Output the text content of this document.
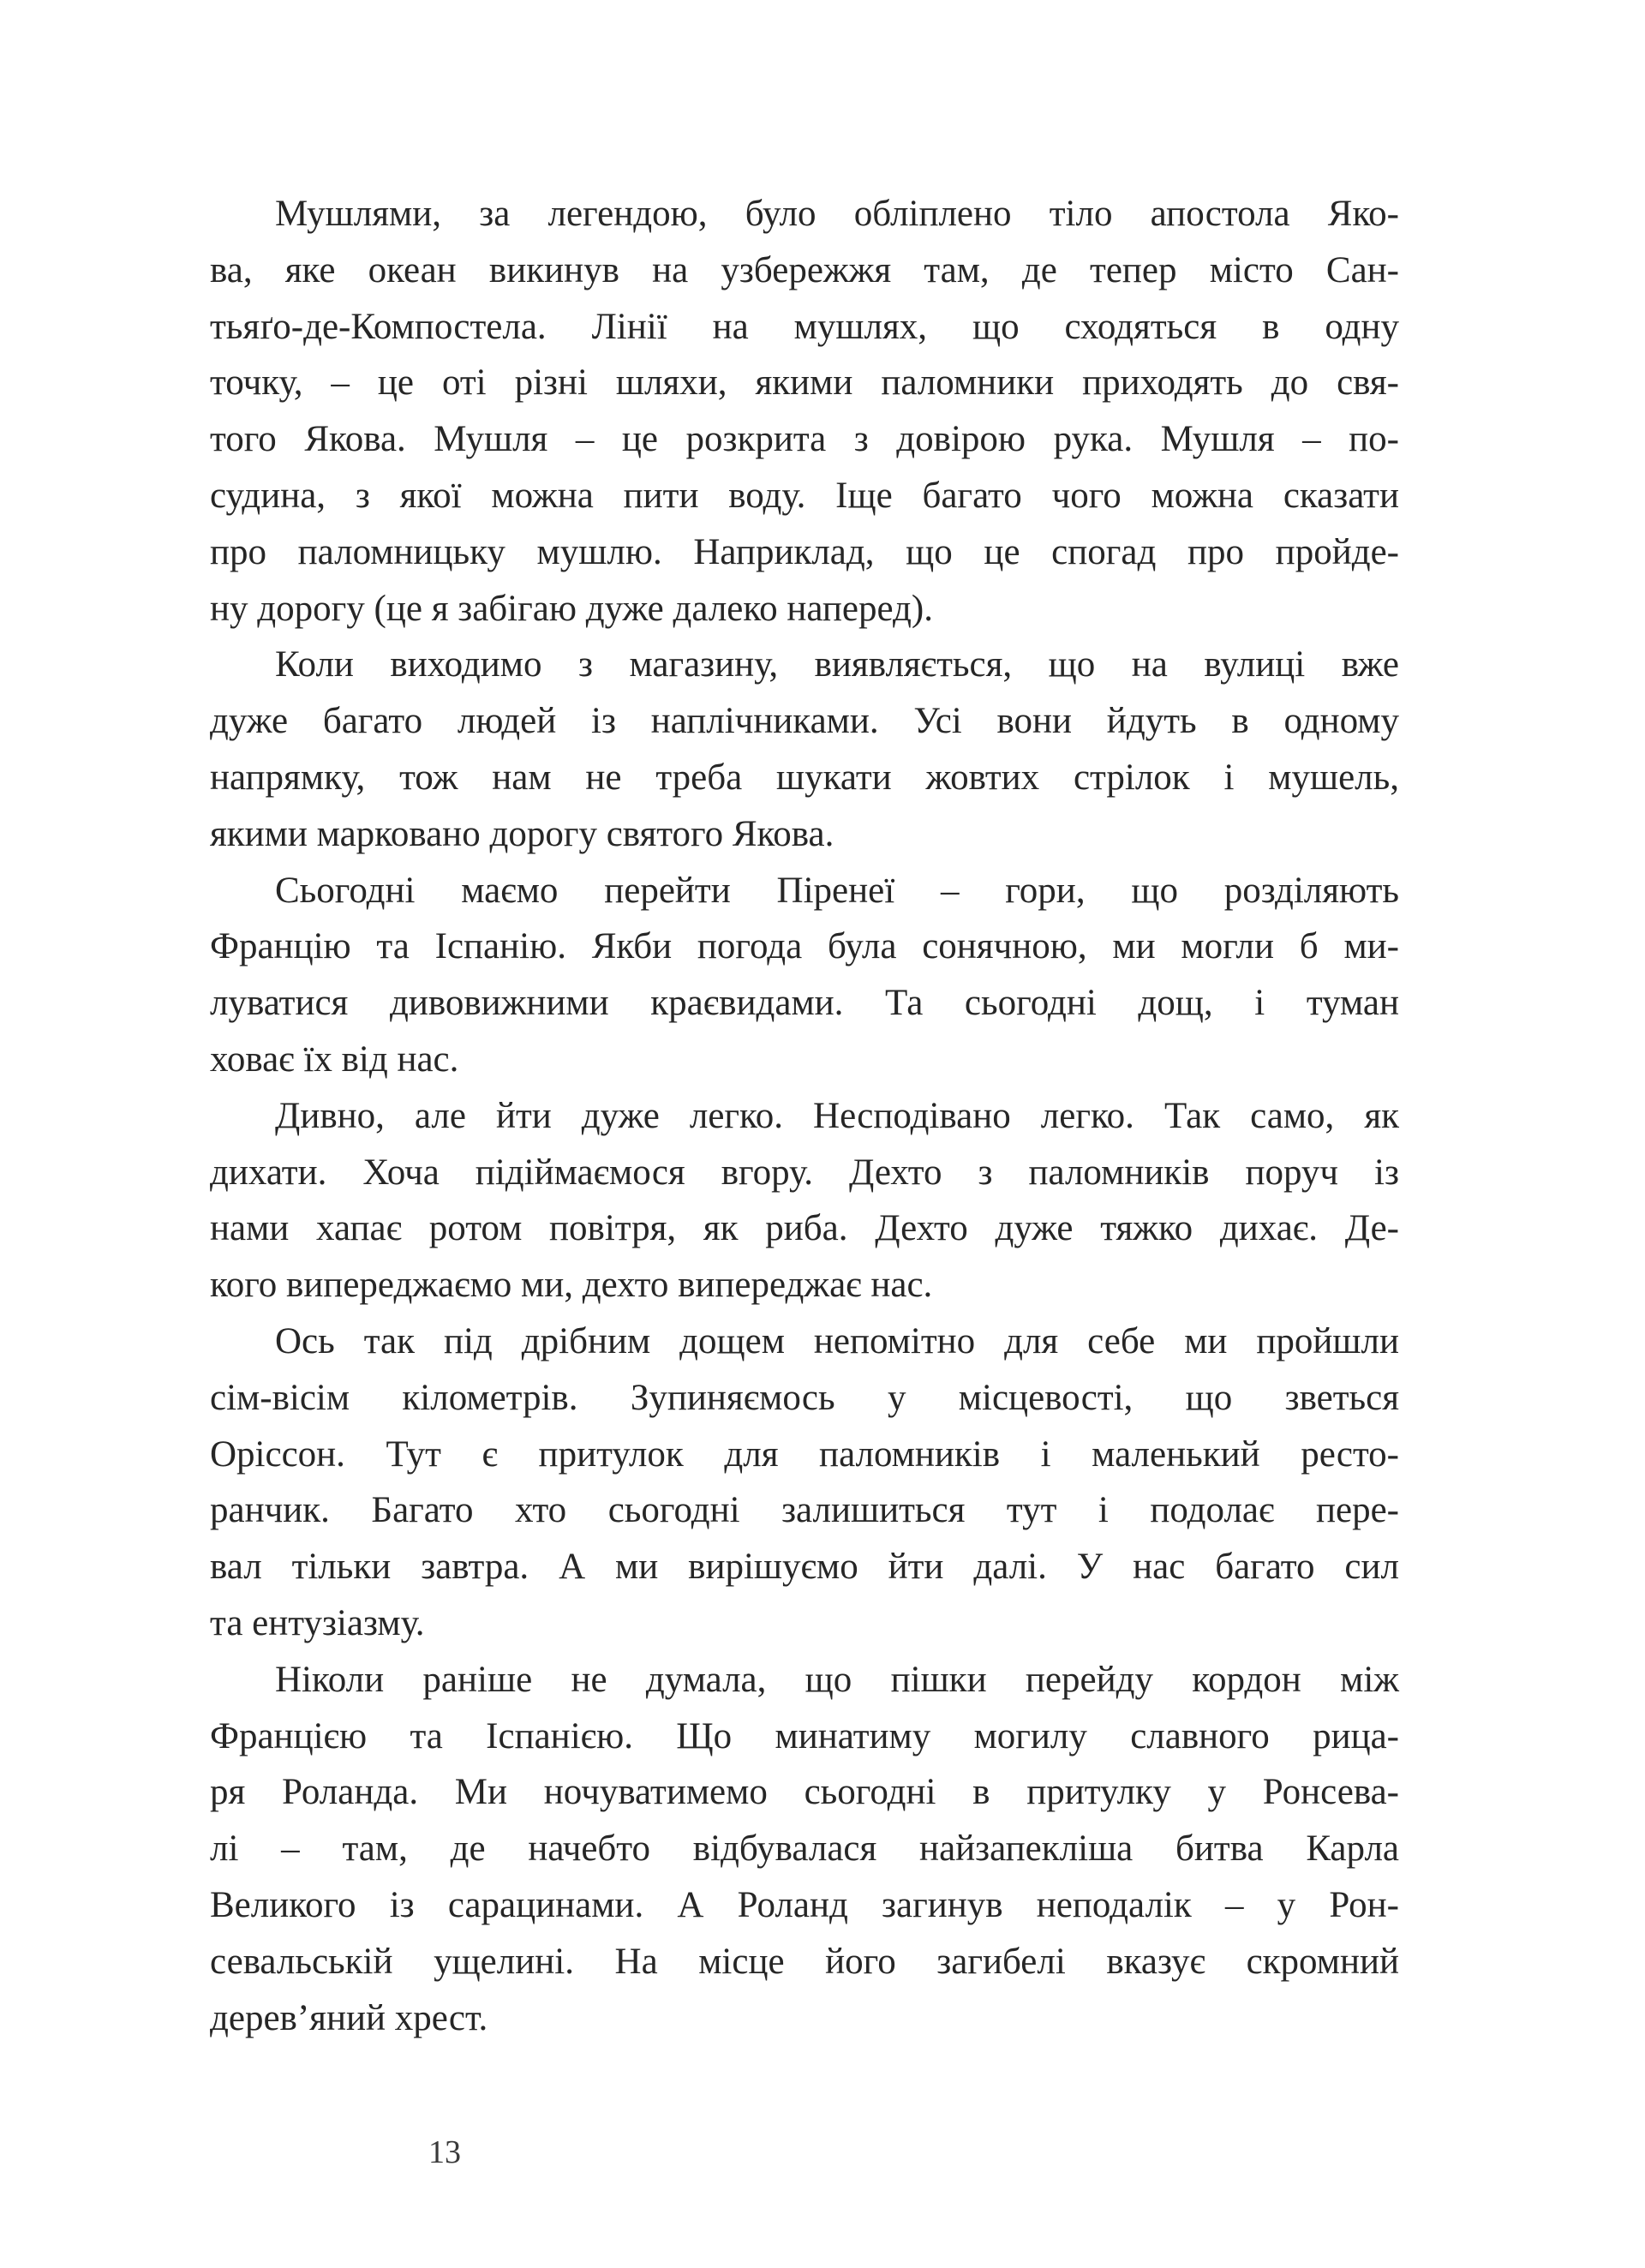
Мушлями, за легендою, було обліплено тіло апостола Яко-
ва, яке океан викинув на узбережжя там, де тепер місто Сан-
тьяґо-де-Компостела. Лінії на мушлях, що сходяться в одну
точку, – це оті різні шляхи, якими паломники приходять до свя-
того Якова. Мушля – це розкрита з довірою рука. Мушля – по-
судина, з якої можна пити воду. Іще багато чого можна сказати
про паломницьку мушлю. Наприклад, що це спогад про пройде-
ну дорогу (це я забігаю дуже далеко наперед).
Коли виходимо з магазину, виявляється, що на вулиці вже
дуже багато людей із наплічниками. Усі вони йдуть в одному
напрямку, тож нам не треба шукати жовтих стрілок і мушель,
якими марковано дорогу святого Якова.
Сьогодні маємо перейти Піренеї – гори, що розділяють
Францію та Іспанію. Якби погода була сонячною, ми могли б ми-
луватися дивовижними краєвидами. Та сьогодні дощ, і туман
ховає їх від нас.
Дивно, але йти дуже легко. Несподівано легко. Так само, як
дихати. Хоча підіймаємося вгору. Дехто з паломників поруч із
нами хапає ротом повітря, як риба. Дехто дуже тяжко дихає. Де-
кого випереджаємо ми, дехто випереджає нас.
Ось так під дрібним дощем непомітно для себе ми пройшли
сім-вісім кілометрів. Зупиняємось у місцевості, що зветься
Оріссон. Тут є притулок для паломників і маленький ресто-
ранчик. Багато хто сьогодні залишиться тут і подолає пере-
вал тільки завтра. А ми вирішуємо йти далі. У нас багато сил
та ентузіазму.
Ніколи раніше не думала, що пішки перейду кордон між
Францією та Іспанією. Що минатиму могилу славного рица-
ря Роланда. Ми ночуватимемо сьогодні в притулку у Ронсева-
лі – там, де начебто відбувалася найзапекліша битва Карла
Великого із сарацинами. А Роланд загинув неподалік – у Рон-
севальській ущелині. На місце його загибелі вказує скромний
дерев’яний хрест.
13
